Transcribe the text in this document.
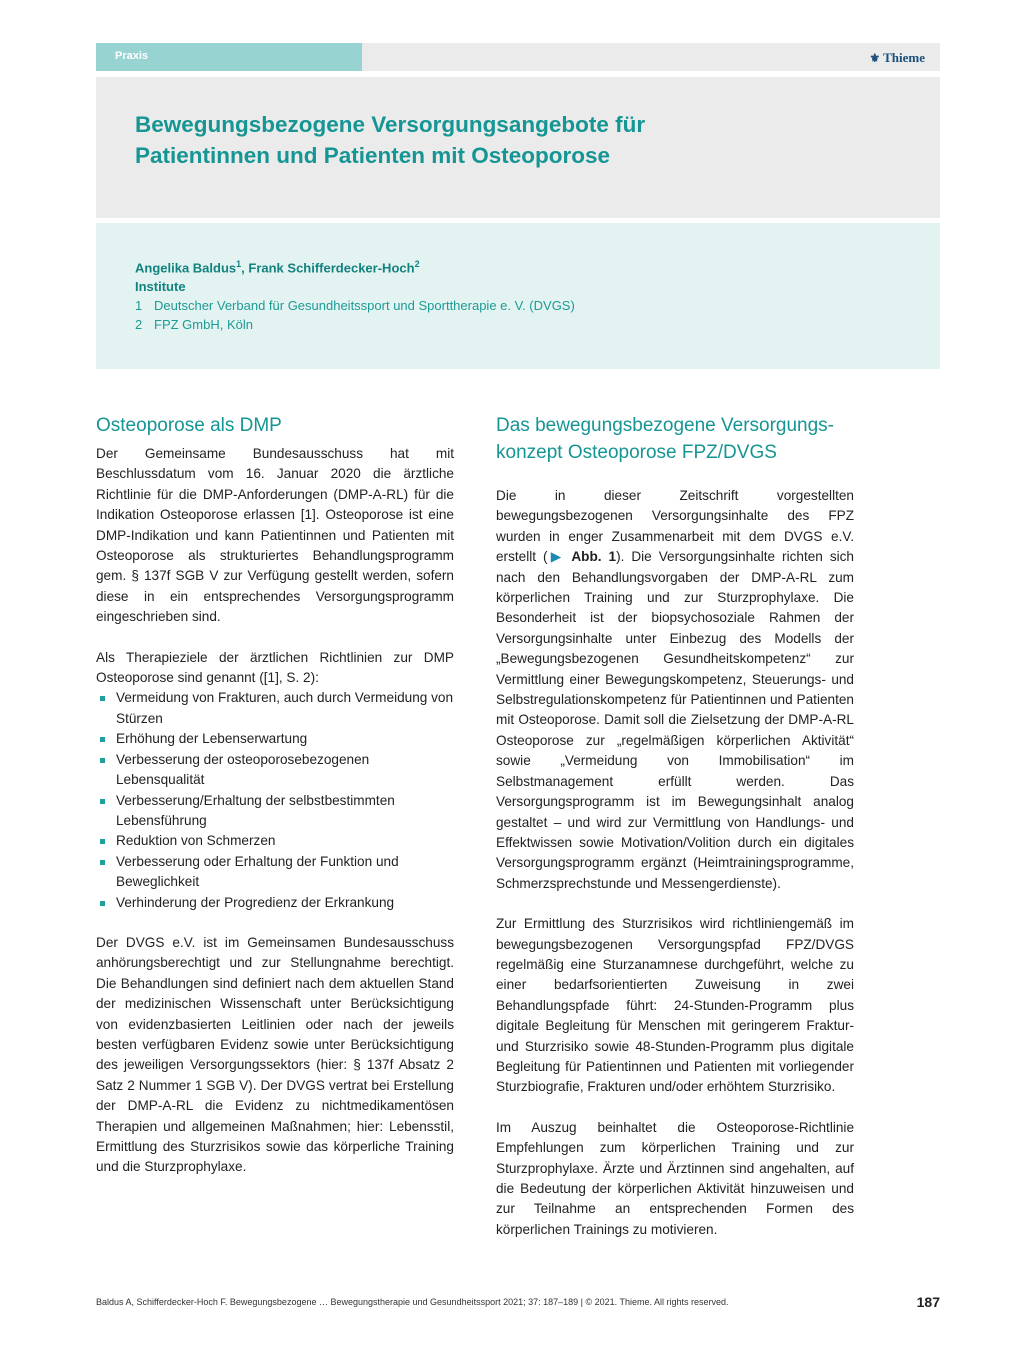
Praxis	⚜ Thieme
Bewegungsbezogene Versorgungsangebote für
Patientinnen und Patienten mit Osteoporose
Angelika Baldus$^1$, Frank Schifferdecker-Hoch$^2$
Institute
1 Deutscher Verband für Gesundheitssport und Sporttherapie e. V. (DVGS)
2 FPZ GmbH, Köln
Osteoporose als DMP

Der Gemeinsame Bundesausschuss hat mit Beschlussdatum vom 16. Januar 2020 die ärztliche Richtlinie für die DMP-Anforderungen (DMP-A-RL) für die Indikation Osteoporose erlassen [1]. Osteoporose ist eine DMP-Indikation und kann Patientinnen und Patienten mit Osteoporose als strukturiertes Behandlungsprogramm gem. § 137f SGB V zur Verfügung gestellt werden, sofern diese in ein entsprechendes Versorgungsprogramm eingeschrieben sind.

Als Therapieziele der ärztlichen Richtlinien zur DMP Osteoporose sind genannt ([1], S. 2):

Vermeidung von Frakturen, auch durch Vermeidung von Stürzen
Erhöhung der Lebenserwartung
Verbesserung der osteoporosebezogenen Lebensqualität
Verbesserung/Erhaltung der selbstbestimmten Lebensführung
Reduktion von Schmerzen
Verbesserung oder Erhaltung der Funktion und Beweglichkeit
Verhinderung der Progredienz der Erkrankung

Der DVGS e.V. ist im Gemeinsamen Bundesausschuss anhörungsberechtigt und zur Stellungnahme berechtigt. Die Behandlungen sind definiert nach dem aktuellen Stand der medizinischen Wissenschaft unter Berücksichtigung von evidenzbasierten Leitlinien oder nach der jeweils besten verfügbaren Evidenz sowie unter Berücksichtigung des jeweiligen Versorgungssektors (hier: § 137f Absatz 2 Satz 2 Nummer 1 SGB V). Der DVGS vertrat bei Erstellung der DMP-A-RL die Evidenz zu nichtmedikamentösen Therapien und allgemeinen Maßnahmen; hier: Lebensstil, Ermittlung des Sturzrisikos sowie das körperliche Training und die Sturzprophylaxe.

Das bewegungsbezogene Versorgungs-
konzept Osteoporose FPZ/DVGS

Die in dieser Zeitschrift vorgestellten bewegungsbezogenen Versorgungsinhalte des FPZ wurden in enger Zusammenarbeit mit dem DVGS e.V. erstellt (▶ Abb. 1). Die Versorgungsinhalte richten sich nach den Behandlungsvorgaben der DMP-A-RL zum körperlichen Training und zur Sturzprophylaxe. Die Besonderheit ist der biopsychosoziale Rahmen der Versorgungsinhalte unter Einbezug des Modells der „Bewegungsbezogenen Gesundheitskompetenz“ zur Vermittlung einer Bewegungskompetenz, Steuerungs- und Selbstregulationskompetenz für Patientinnen und Patienten mit Osteoporose. Damit soll die Zielsetzung der DMP-A-RL Osteoporose zur „regelmäßigen körperlichen Aktivität“ sowie „Vermeidung von Immobilisation“ im Selbstmanagement erfüllt werden. Das Versorgungsprogramm ist im Bewegungsinhalt analog gestaltet – und wird zur Vermittlung von Handlungs- und Effektwissen sowie Motivation/Volition durch ein digitales Versorgungsprogramm ergänzt (Heimtrainingsprogramme, Schmerzsprechstunde und Messengerdienste).

Zur Ermittlung des Sturzrisikos wird richtliniengemäß im bewegungsbezogenen Versorgungspfad FPZ/DVGS regelmäßig eine Sturzanamnese durchgeführt, welche zu einer bedarfsorientierten Zuweisung in zwei Behandlungspfade führt: 24-Stunden-Programm plus digitale Begleitung für Menschen mit geringerem Fraktur- und Sturzrisiko sowie 48-Stunden-Programm plus digitale Begleitung für Patientinnen und Patienten mit vorliegender Sturzbiografie, Frakturen und/oder erhöhtem Sturzrisiko.

Im Auszug beinhaltet die Osteoporose-Richtlinie Empfehlungen zum körperlichen Training und zur Sturzprophylaxe. Ärzte und Ärztinnen sind angehalten, auf die Bedeutung der körperlichen Aktivität hinzuweisen und zur Teilnahme an entsprechenden Formen des körperlichen Trainings zu motivieren.

Baldus A, Schifferdecker-Hoch F. Bewegungsbezogene … Bewegungstherapie und Gesundheitssport 2021; 37: 187–189 | © 2021. Thieme. All rights reserved.	187
